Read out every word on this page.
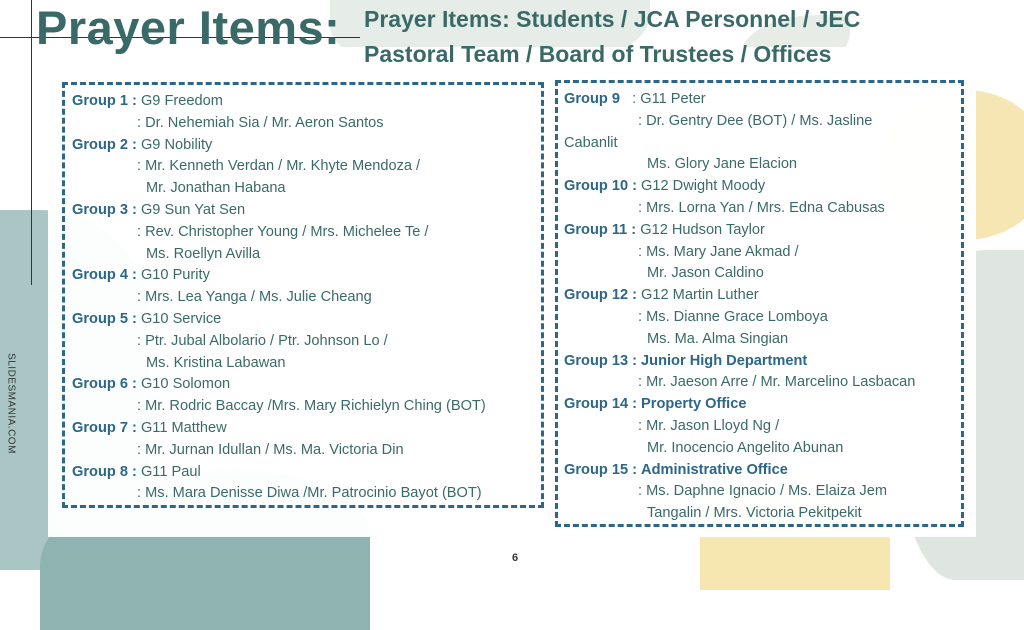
Prayer Items: Prayer Items: Students / JCA Personnel / JEC
Pastoral Team / Board of Trustees / Offices
SLIDESMANIA.COM
6
Group 1 :
G9 Freedom
: Dr. Nehemiah Sia / Mr. Aeron Santos
Group 2 :
G9 Nobility
: Mr. Kenneth Verdan / Mr. Khyte Mendoza /
Mr. Jonathan Habana
Group 3 :
G9 Sun Yat Sen
: Rev. Christopher Young / Mrs. Michelee Te /
Ms. Roellyn Avilla
Group 4 :
G10 Purity
: Mrs. Lea Yanga / Ms. Julie Cheang
Group 5 :
G10 Service
: Ptr. Jubal Albolario / Ptr. Johnson Lo /
Ms. Kristina Labawan
Group 6 :
G10 Solomon
: Mr. Rodric Baccay /Mrs. Mary Richielyn Ching (BOT)
Group 7 :
G11 Matthew
: Mr. Jurnan Idullan / Ms. Ma. Victoria Din
Group 8 :
G11 Paul
: Ms. Mara Denisse Diwa /Mr. Patrocinio Bayot (BOT)
Group 9
: G11 Peter
: Dr. Gentry Dee (BOT) / Ms. Jasline
Cabanlit
Ms. Glory Jane Elacion
Group 10 :
G12 Dwight Moody
: Mrs. Lorna Yan / Mrs. Edna Cabusas
Group 11 :
G12 Hudson Taylor
: Ms. Mary Jane Akmad /
Mr. Jason Caldino
Group 12 :
G12 Martin Luther
: Ms. Dianne Grace Lomboya
Ms. Ma. Alma Singian
Group 13 :
Junior High Department
: Mr. Jaeson Arre / Mr. Marcelino Lasbacan
Group 14 :
Property Office
: Mr. Jason Lloyd Ng /
Mr. Inocencio Angelito Abunan
Group 15 :
Administrative Office
: Ms. Daphne Ignacio / Ms. Elaiza Jem
Tangalin / Mrs. Victoria Pekitpekit
